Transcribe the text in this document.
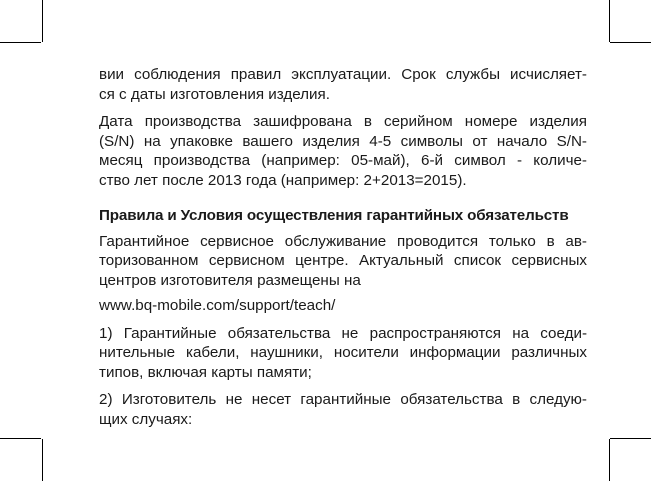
вии соблюдения правил эксплуатации. Срок службы исчисляет-
ся с даты изготовления изделия.
Дата производства зашифрована в серийном номере изделия
(S/N) на упаковке вашего изделия 4-5 символы от начало S/N-
месяц производства (например: 05-май), 6-й символ - количе-
ство лет после 2013 года (например: 2+2013=2015).
Правила и Условия осуществления гарантийных обязательств
Гарантийное сервисное обслуживание проводится только в ав-
торизованном сервисном центре. Актуальный список сервисных
центров изготовителя размещены на
www.bq-mobile.com/support/teach/
1) Гарантийные обязательства не распространяются на соеди-
нительные кабели, наушники, носители информации различных
типов, включая карты памяти;
2) Изготовитель не несет гарантийные обязательства в следую-
щих случаях:
